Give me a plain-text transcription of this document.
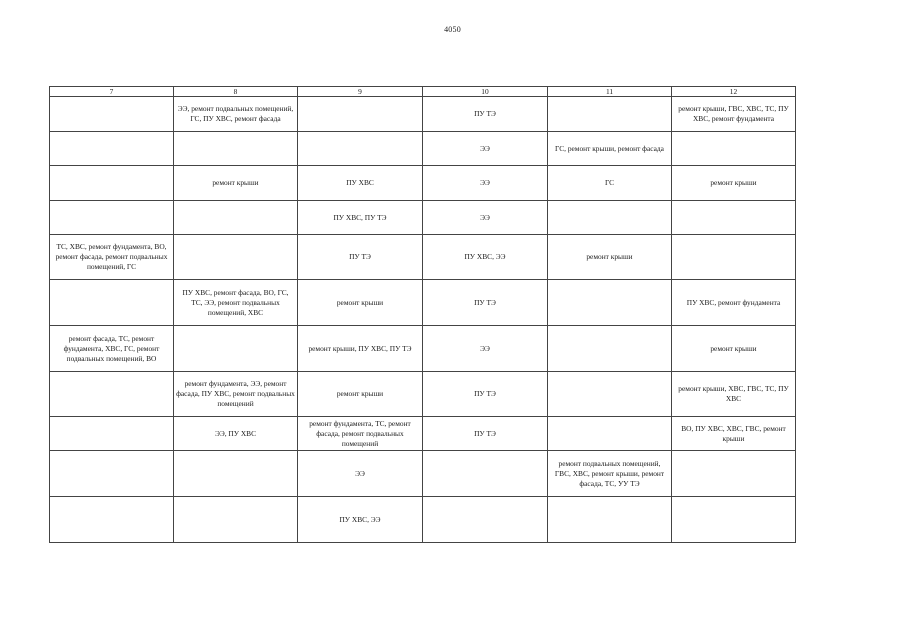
4050
7	8	9	10	11	12
	ЭЭ, ремонт подвальных помещений, ГС, ПУ ХВС, ремонт фасада		ПУ ТЭ		ремонт крыши, ГВС, ХВС, ТС, ПУ ХВС, ремонт фундамента
			ЭЭ	ГС, ремонт крыши, ремонт фасада	
	ремонт крыши	ПУ ХВС	ЭЭ	ГС	ремонт крыши
		ПУ ХВС, ПУ ТЭ	ЭЭ		
ТС, ХВС, ремонт фундамента, ВО, ремонт фасада, ремонт подвальных помещений, ГС		ПУ ТЭ	ПУ ХВС, ЭЭ	ремонт крыши	
	ПУ ХВС, ремонт фасада, ВО, ГС, ТС, ЭЭ, ремонт подвальных помещений, ХВС	ремонт крыши	ПУ ТЭ		ПУ ХВС, ремонт фундамента
ремонт фасада, ТС, ремонт фундамента, ХВС, ГС, ремонт подвальных помещений, ВО		ремонт крыши, ПУ ХВС, ПУ ТЭ	ЭЭ		ремонт крыши
	ремонт фундамента, ЭЭ, ремонт фасада, ПУ ХВС, ремонт подвальных помещений	ремонт крыши	ПУ ТЭ		ремонт крыши, ХВС, ГВС, ТС, ПУ ХВС
	ЭЭ, ПУ ХВС	ремонт фундамента, ТС, ремонт фасада, ремонт подвальных помещений	ПУ ТЭ		ВО, ПУ ХВС, ХВС, ГВС, ремонт крыши
		ЭЭ		ремонт подвальных помещений, ГВС, ХВС, ремонт крыши, ремонт фасада, ТС, УУ ТЭ	
		ПУ ХВС, ЭЭ			
